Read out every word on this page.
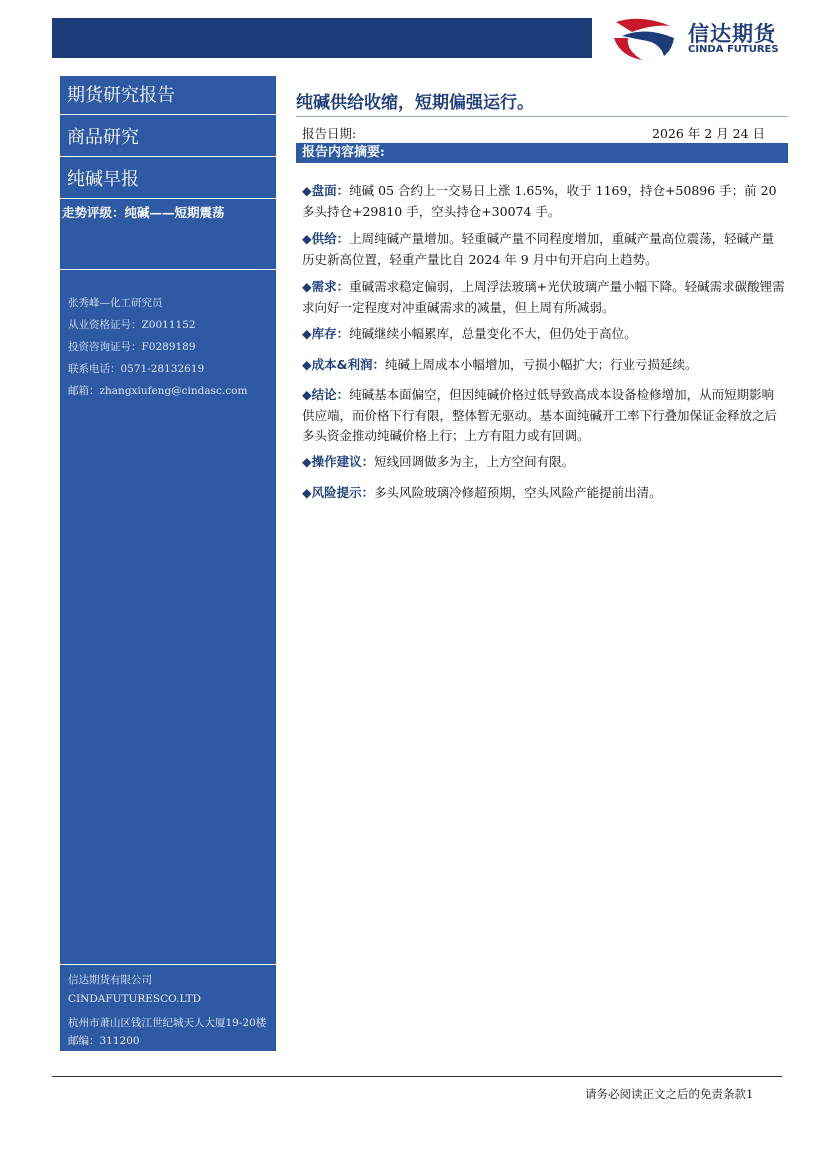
信达期货
CINDA FUTURES
期货研究报告
商品研究
纯碱早报
走势评级：纯碱——短期震荡
张秀峰—化工研究员
从业资格证号：Z0011152
投资咨询证号：F0289189
联系电话：0571-28132619
邮箱：zhangxiufeng@cindasc.com
信达期货有限公司
CINDAFUTURESCO.LTD
杭州市萧山区钱江世纪城天人大厦19-20楼
邮编：311200
纯碱供给收缩，短期偏强运行。
报告日期:	2026 年 2 月 24 日
报告内容摘要:
◆盘面：纯碱 05 合约上一交易日上涨 1.65%，收于 1169，持仓+50896 手；前 20 多头持仓+29810 手，空头持仓+30074 手。
◆供给：上周纯碱产量增加。轻重碱产量不同程度增加，重碱产量高位震荡，轻碱产量历史新高位置，轻重产量比自 2024 年 9 月中旬开启向上趋势。
◆需求：重碱需求稳定偏弱，上周浮法玻璃+光伏玻璃产量小幅下降。轻碱需求碳酸锂需求向好一定程度对冲重碱需求的减量，但上周有所减弱。
◆库存：纯碱继续小幅累库，总量变化不大，但仍处于高位。
◆成本&利润：纯碱上周成本小幅增加，亏损小幅扩大；行业亏损延续。
◆结论：纯碱基本面偏空，但因纯碱价格过低导致高成本设备检修增加，从而短期影响供应端，而价格下行有限，整体暂无驱动。基本面纯碱开工率下行叠加保证金释放之后多头资金推动纯碱价格上行；上方有阻力或有回调。
◆操作建议：短线回调做多为主，上方空间有限。
◆风险提示：多头风险玻璃冷修超预期，空头风险产能提前出清。
请务必阅读正文之后的免责条款1
